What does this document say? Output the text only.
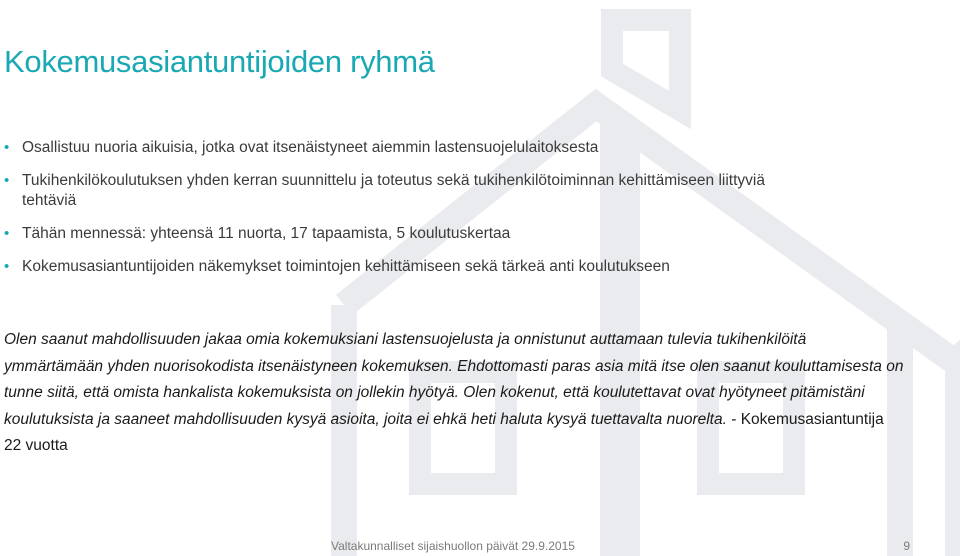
Kokemusasiantuntijoiden ryhmä
• Osallistuu nuoria aikuisia, jotka ovat itsenäistyneet aiemmin lastensuojelulaitoksesta
• Tukihenkilökoulutuksen yhden kerran suunnittelu ja toteutus sekä tukihenkilötoiminnan kehittämiseen liittyviä tehtäviä
• Tähän mennessä: yhteensä 11 nuorta, 17 tapaamista, 5 koulutuskertaa
• Kokemusasiantuntijoiden näkemykset toimintojen kehittämiseen sekä tärkeä anti koulutukseen

Olen saanut mahdollisuuden jakaa omia kokemuksiani lastensuojelusta ja onnistunut auttamaan tulevia tukihenkilöitä ymmärtämään yhden nuorisokodista itsenäistyneen kokemuksen. Ehdottomasti paras asia mitä itse olen saanut kouluttamisesta on tunne siitä, että omista hankalista kokemuksista on jollekin hyötyä. Olen kokenut, että koulutettavat ovat hyötyneet pitämistäni koulutuksista ja saaneet mahdollisuuden kysyä asioita, joita ei ehkä heti haluta kysyä tuettavalta nuorelta. - Kokemusasiantuntija 22 vuotta

Valtakunnalliset sijaishuollon päivät 29.9.2015	9
